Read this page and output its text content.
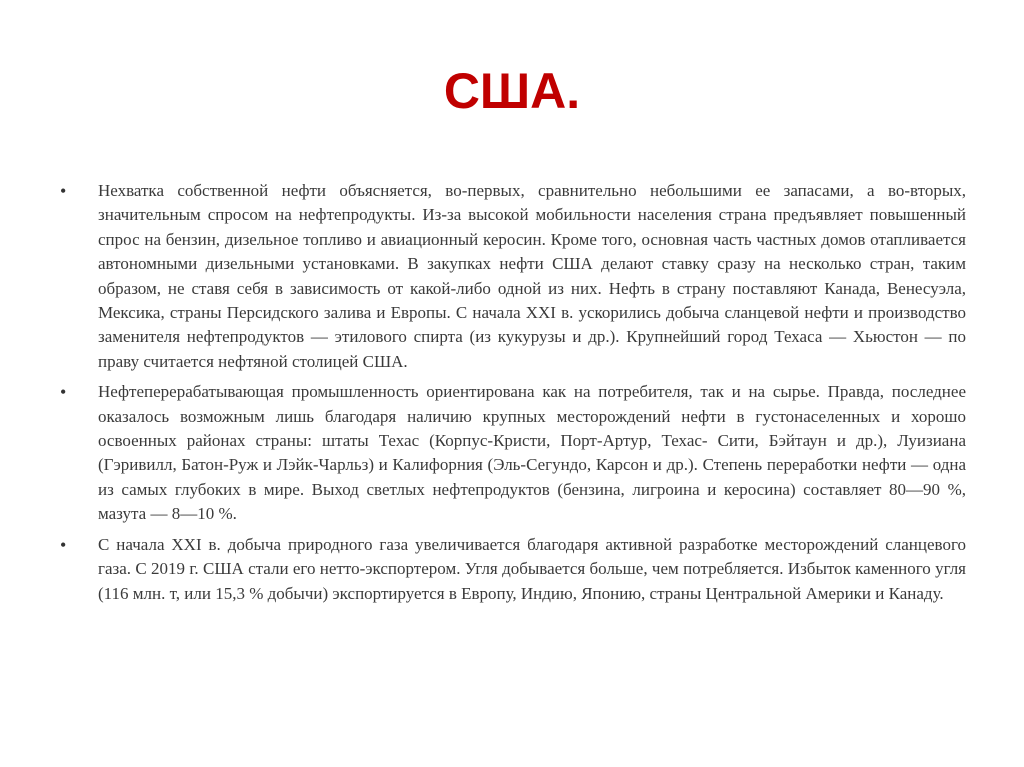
США.
•	Нехватка собственной нефти объясняется, во-первых, сравнительно небольшими ее запасами, а во-вторых, значительным спросом на нефтепродукты. Из-за высокой мобильности населения страна предъявляет повышенный спрос на бензин, дизельное топливо и авиационный керосин. Кроме того, основная часть частных домов отапливается автономными дизельными установками. В закупках нефти США делают ставку сразу на несколько стран, таким образом, не ставя себя в зависимость от какой-либо одной из них. Нефть в страну поставляют Канада, Венесуэла, Мексика, страны Персидского залива и Европы. С начала XXI в. ускорились добыча сланцевой нефти и производство заменителя нефтепродуктов — этилового спирта (из кукурузы и др.). Крупнейший город Техаса — Хьюстон — по праву считается нефтяной столицей США.
•	Нефтеперерабатывающая промышленность ориентирована как на потребителя, так и на сырье. Правда, последнее оказалось возможным лишь благодаря наличию крупных месторождений нефти в густонаселенных и хорошо освоенных районах страны: штаты Техас (Корпус-Кристи, Порт-Артур, Техас- Сити, Бэйтаун и др.), Луизиана (Гэривилл, Батон-Руж и Лэйк-Чарльз) и Калифорния (Эль-Сегундо, Карсон и др.). Степень переработки нефти — одна из самых глубоких в мире. Выход светлых нефтепродуктов (бензина, лигроина и керосина) составляет 80—90 %, мазута — 8—10 %.
•	С начала XXI в. добыча природного газа увеличивается благодаря активной разработке месторождений сланцевого газа. С 2019 г. США стали его нетто-экспортером. Угля добывается больше, чем потребляется. Избыток каменного угля (116 млн. т, или 15,3 % добычи) экспортируется в Европу, Индию, Японию, страны Центральной Америки и Канаду.
